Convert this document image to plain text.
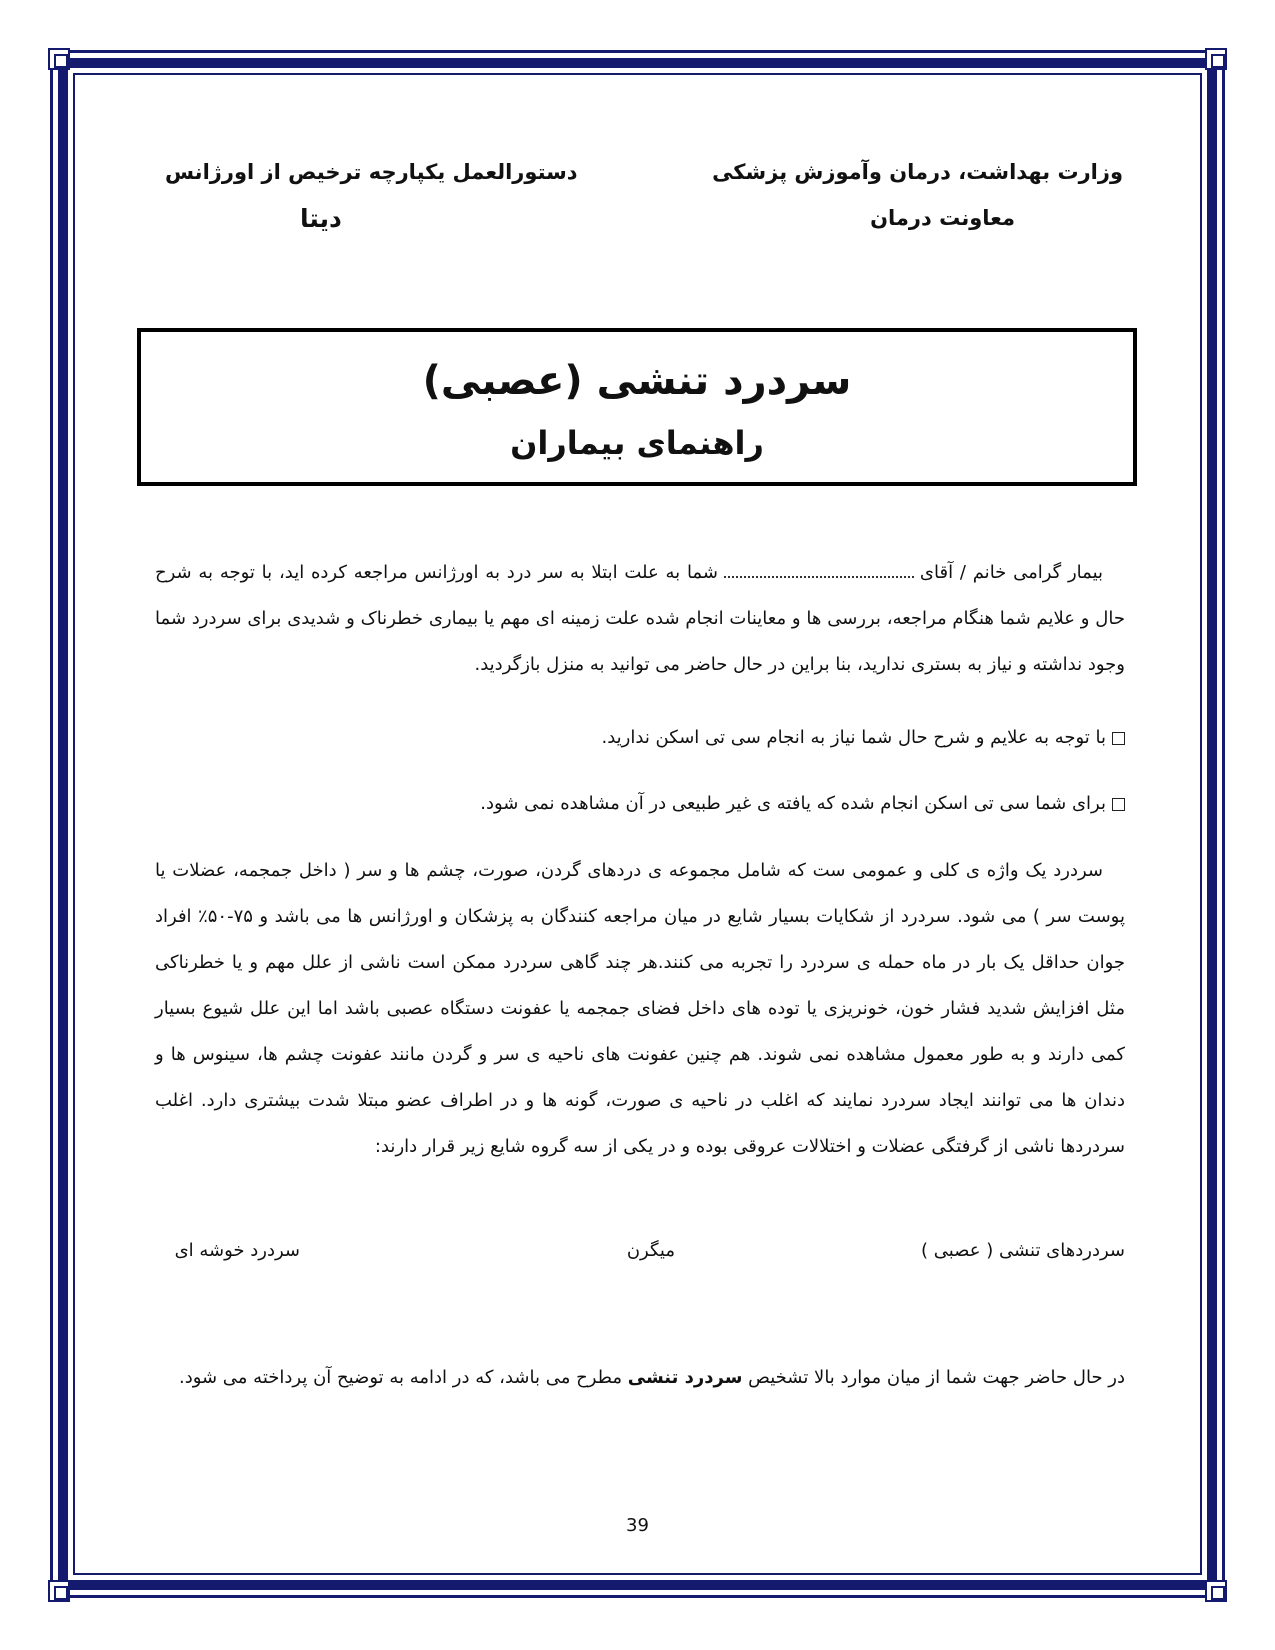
وزارت بهداشت، درمان وآموزش پزشکی
معاونت درمان
دستورالعمل یکپارچه ترخیص از اورژانس
دیتا
سردرد تنشی (عصبی)
راهنمای بیماران
بیمار گرامی خانم / آقایشما به علت ابتلا به سر درد به اورژانس مراجعه کرده اید، با توجه به شرح حال و علایم شما هنگام مراجعه، بررسی ها و معاینات انجام شده علت زمینه ای مهم یا بیماری خطرناک و شدیدی برای سردرد شما وجود نداشته و نیاز به بستری ندارید، بنا براین در حال حاضر می توانید به منزل بازگردید.
با توجه به علایم و شرح حال شما نیاز به انجام سی تی اسکن ندارید.
برای شما سی تی اسکن انجام شده که یافته ی غیر طبیعی در آن مشاهده نمی شود.
سردرد یک واژه ی کلی و عمومی ست که شامل مجموعه ی دردهای گردن، صورت، چشم ها و سر ( داخل جمجمه، عضلات یا پوست سر ) می شود. سردرد از شکایات بسیار شایع در میان مراجعه کنندگان به پزشکان و اورژانس ها می باشد و ۷۵-۵۰٪ افراد جوان حداقل یک بار در ماه حمله ی سردرد را تجربه می کنند.هر چند گاهی سردرد ممکن است ناشی از علل مهم و یا خطرناکی مثل افزایش شدید فشار خون، خونریزی یا توده های داخل فضای جمجمه یا عفونت دستگاه عصبی باشد اما این علل شیوع بسیار کمی دارند و به طور معمول مشاهده نمی شوند. هم چنین عفونت های ناحیه ی سر و گردن مانند عفونت چشم ها، سینوس ها و دندان ها می توانند ایجاد سردرد نمایند که اغلب در ناحیه ی صورت، گونه ها و در اطراف عضو مبتلا شدت بیشتری دارد. اغلب سردردها ناشی از گرفتگی عضلات و اختلالات عروقی بوده و در یکی از سه گروه شایع زیر قرار دارند:
سردردهای تنشی ( عصبی )
میگرن
سردرد خوشه ای
در حال حاضر جهت شما از میان موارد بالا تشخیص سردرد تنشی مطرح می باشد، که در ادامه به توضیح آن پرداخته می شود.
39
